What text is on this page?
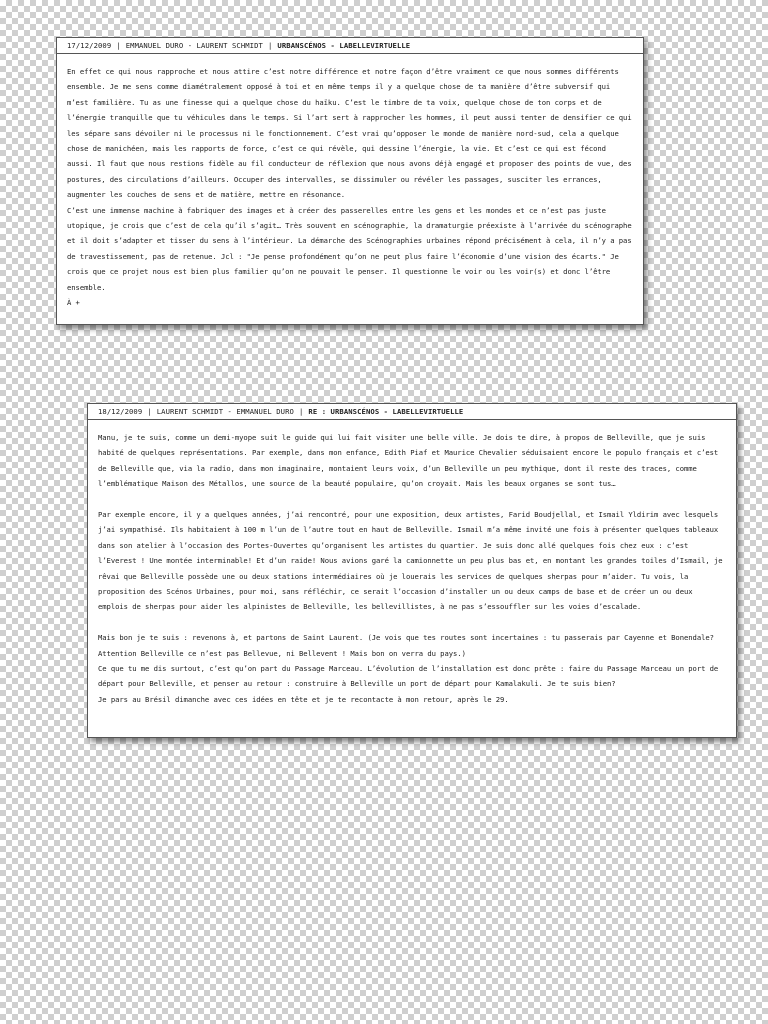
17/12/2009 | EMMANUEL DURO - LAURENT SCHMIDT | URBANSCÉNOS - LABELLEVIRTUELLE

En effet ce qui nous rapproche et nous attire c’est notre différence et notre façon d’être vraiment ce que nous sommes différents ensemble. Je me sens comme diamétralement opposé à toi et en même temps il y a quelque chose de ta manière d’être subversif qui m’est familière. Tu as une finesse qui a quelque chose du haïku. C’est le timbre de ta voix, quelque chose de ton corps et de l’énergie tranquille que tu véhicules dans le temps. Si l’art sert à rapprocher les hommes, il peut aussi tenter de densifier ce qui les sépare sans dévoiler ni le processus ni le fonctionnement. C’est vrai qu’opposer le monde de manière nord-sud, cela a quelque chose de manichéen, mais les rapports de force, c’est ce qui révèle, qui dessine l’énergie, la vie. Et c’est ce qui est fécond aussi. Il faut que nous restions fidèle au fil conducteur de réflexion que nous avons déjà engagé et proposer des points de vue, des postures, des circulations d’ailleurs. Occuper des intervalles, se dissimuler ou révéler les passages, susciter les errances, augmenter les couches de sens et de matière, mettre en résonance.

C’est une immense machine à fabriquer des images et à créer des passerelles entre les gens et les mondes et ce n’est pas juste utopique, je crois que c’est de cela qu’il s’agit… Très souvent en scénographie, la dramaturgie préexiste à l’arrivée du scénographe et il doit s’adapter et tisser du sens à l’intérieur. La démarche des Scénographies urbaines répond précisément à cela, il n’y a pas de travestissement, pas de retenue. Jcl : "Je pense profondément qu’on ne peut plus faire l’économie d’une vision des écarts." Je crois que ce projet nous est bien plus familier qu’on ne pouvait le penser. Il questionne le voir ou les voir(s) et donc l’être ensemble.

À +

18/12/2009 | LAURENT SCHMIDT - EMMANUEL DURO | RE : URBANSCÉNOS - LABELLEVIRTUELLE

Manu, je te suis, comme un demi-myope suit le guide qui lui fait visiter une belle ville. Je dois te dire, à propos de Belleville, que je suis habité de quelques représentations. Par exemple, dans mon enfance, Edith Piaf et Maurice Chevalier séduisaient encore le populo français et c’est de Belleville que, via la radio, dans mon imaginaire, montaient leurs voix, d’un Belleville un peu mythique, dont il reste des traces, comme l’emblématique Maison des Métallos, une source de la beauté populaire, qu’on croyait. Mais les beaux organes se sont tus…

Par exemple encore, il y a quelques années, j’ai rencontré, pour une exposition, deux artistes, Farid Boudjellal, et Ismail Yldirim avec lesquels j’ai sympathisé. Ils habitaient à 100 m l’un de l’autre tout en haut de Belleville. Ismail m’a même invité une fois à présenter quelques tableaux dans son atelier à l’occasion des Portes-Ouvertes qu’organisent les artistes du quartier. Je suis donc allé quelques fois chez eux : c’est l’Everest ! Une montée interminable! Et d’un raide! Nous avions garé la camionnette un peu plus bas et, en montant les grandes toiles d’Ismail, je rêvai que Belleville possède une ou deux stations intermédiaires où je louerais les services de quelques sherpas pour m’aider. Tu vois, la proposition des Scénos Urbaines, pour moi, sans réfléchir, ce serait l’occasion d’installer un ou deux camps de base et de créer un ou deux emplois de sherpas pour aider les alpinistes de Belleville, les bellevillistes, à ne pas s’essouffler sur les voies d’escalade.

Mais bon je te suis : revenons à, et partons de Saint Laurent. (Je vois que tes routes sont incertaines : tu passerais par Cayenne et Bonendale? Attention Belleville ce n’est pas Bellevue, ni Bellevent ! Mais bon on verra du pays.)

Ce que tu me dis surtout, c’est qu’on part du Passage Marceau. L’évolution de l’installation est donc prête : faire du Passage Marceau un port de départ pour Belleville, et penser au retour : construire à Belleville un port de départ pour Kamalakuli. Je te suis bien?

Je pars au Brésil dimanche avec ces idées en tête et je te recontacte à mon retour, après le 29.
